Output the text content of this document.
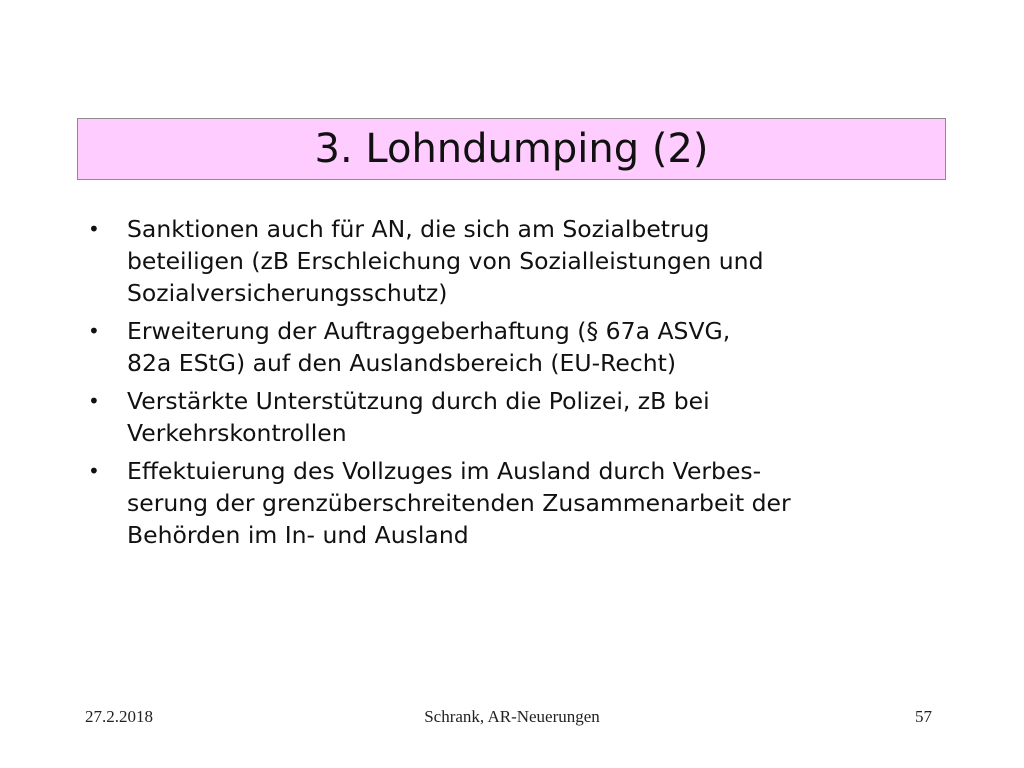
3. Lohndumping (2)
•	Sanktionen auch für AN, die sich am Sozialbetrug
beteiligen (zB Erschleichung von Sozialleistungen und
Sozialversicherungsschutz)
•	Erweiterung der Auftraggeberhaftung (§ 67a ASVG,
82a EStG) auf den Auslandsbereich (EU-Recht)
•	Verstärkte Unterstützung durch die Polizei, zB bei
Verkehrskontrollen
•	Effektuierung des Vollzuges im Ausland durch Verbes-
serung der grenzüberschreitenden Zusammenarbeit der
Behörden im In- und Ausland
27.2.2018	Schrank, AR-Neuerungen	57
